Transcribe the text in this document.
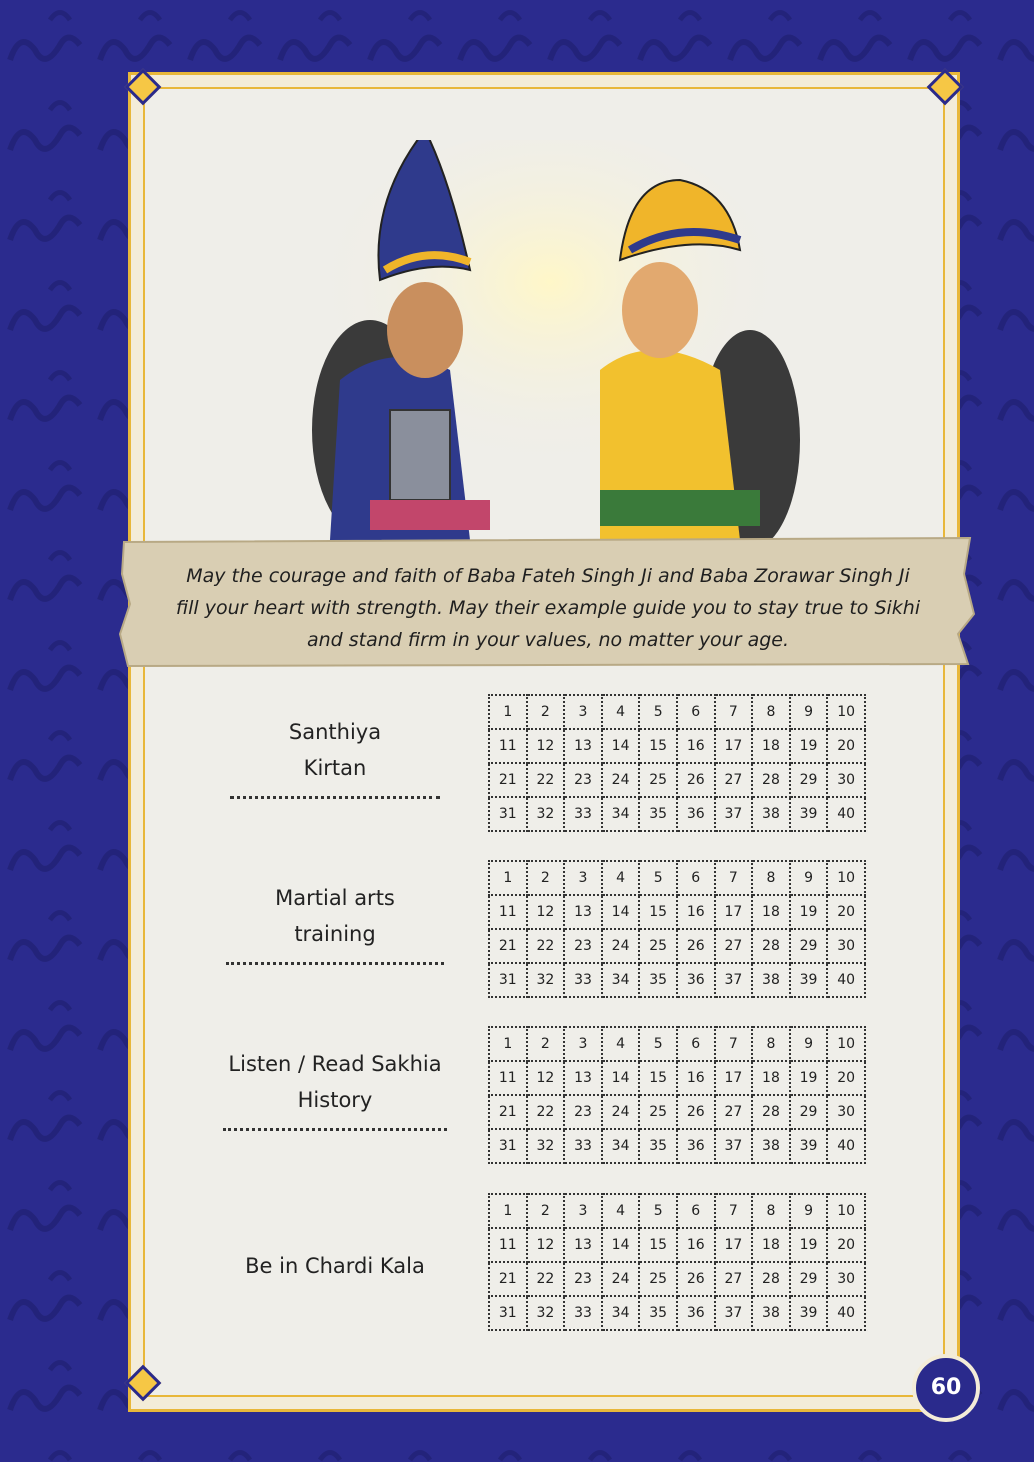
May the courage and faith of Baba Fateh Singh Ji and Baba Zorawar Singh Ji
fill your heart with strength. May their example guide you to stay true to Sikhi
and stand firm in your values, no matter your age.
Santhiya
Kirtan
1	2	3	4	5	6	7	8	9	10
11	12	13	14	15	16	17	18	19	20
21	22	23	24	25	26	27	28	29	30
31	32	33	34	35	36	37	38	39	40
Martial arts
training
1	2	3	4	5	6	7	8	9	10
11	12	13	14	15	16	17	18	19	20
21	22	23	24	25	26	27	28	29	30
31	32	33	34	35	36	37	38	39	40
Listen / Read Sakhia
History
1	2	3	4	5	6	7	8	9	10
11	12	13	14	15	16	17	18	19	20
21	22	23	24	25	26	27	28	29	30
31	32	33	34	35	36	37	38	39	40
Be in Chardi Kala
1	2	3	4	5	6	7	8	9	10
11	12	13	14	15	16	17	18	19	20
21	22	23	24	25	26	27	28	29	30
31	32	33	34	35	36	37	38	39	40
60
